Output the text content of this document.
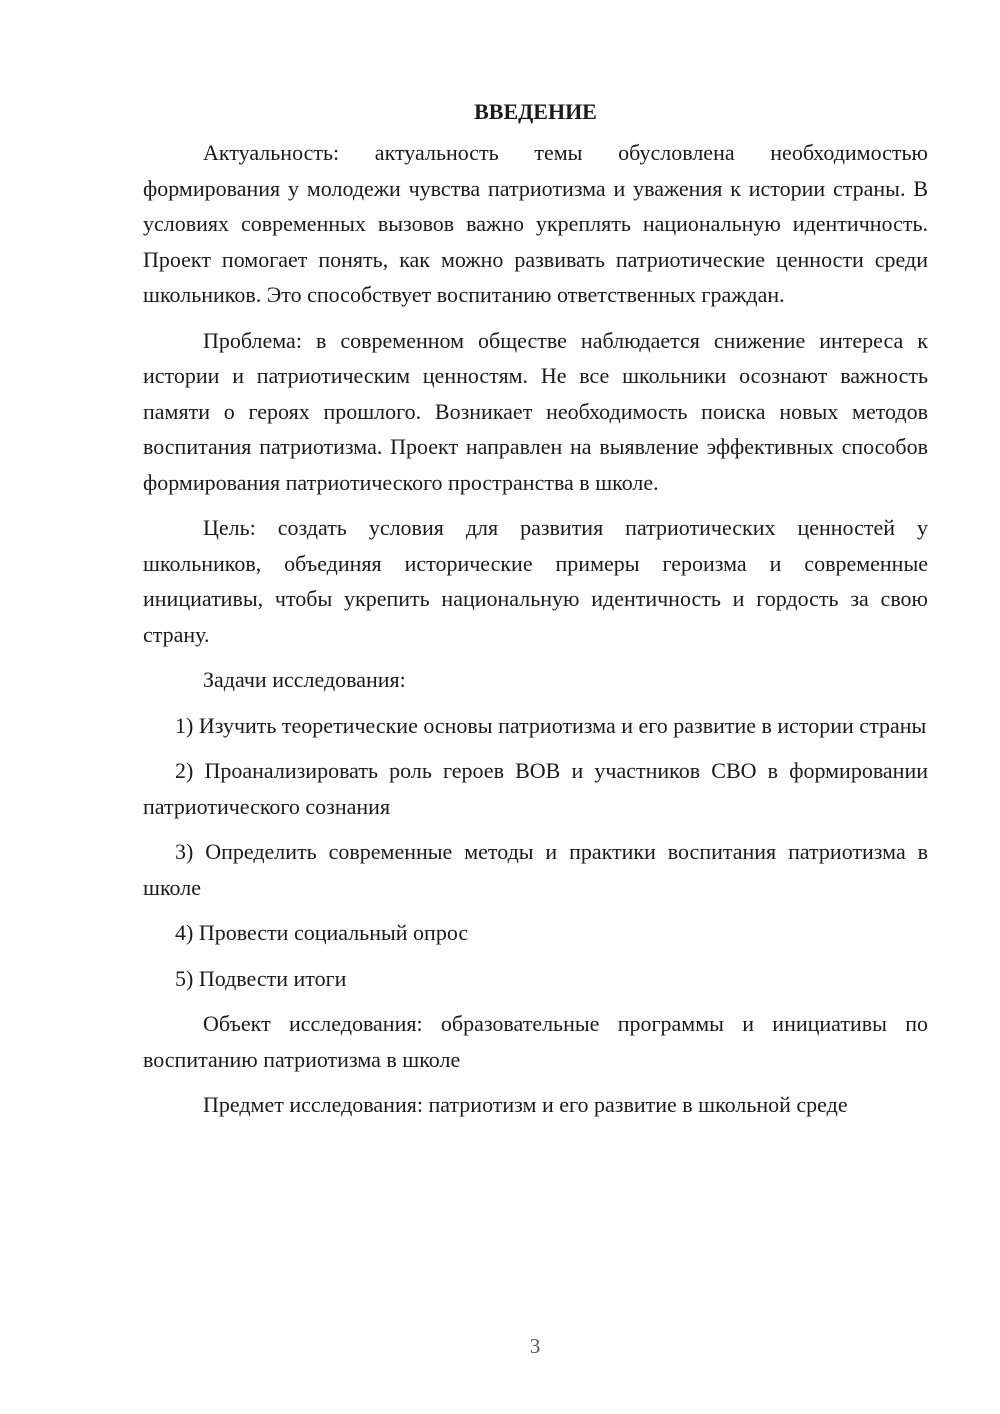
ВВЕДЕНИЕ

Актуальность: актуальность темы обусловлена необходимостью формирования у молодежи чувства патриотизма и уважения к истории страны. В условиях современных вызовов важно укреплять национальную идентичность. Проект помогает понять, как можно развивать патриотические ценности среди школьников. Это способствует воспитанию ответственных граждан.

Проблема: в современном обществе наблюдается снижение интереса к истории и патриотическим ценностям. Не все школьники осознают важность памяти о героях прошлого. Возникает необходимость поиска новых методов воспитания патриотизма. Проект направлен на выявление эффективных способов формирования патриотического пространства в школе.

Цель: создать условия для развития патриотических ценностей у школьников, объединяя исторические примеры героизма и современные инициативы, чтобы укрепить национальную идентичность и гордость за свою страну.

Задачи исследования:

1) Изучить теоретические основы патриотизма и его развитие в истории страны

2) Проанализировать роль героев ВОВ и участников СВО в формировании патриотического сознания

3) Определить современные методы и практики воспитания патриотизма в школе

4) Провести социальный опрос

5) Подвести итоги

Объект исследования: образовательные программы и инициативы по воспитанию патриотизма в школе

Предмет исследования: патриотизм и его развитие в школьной среде

3
